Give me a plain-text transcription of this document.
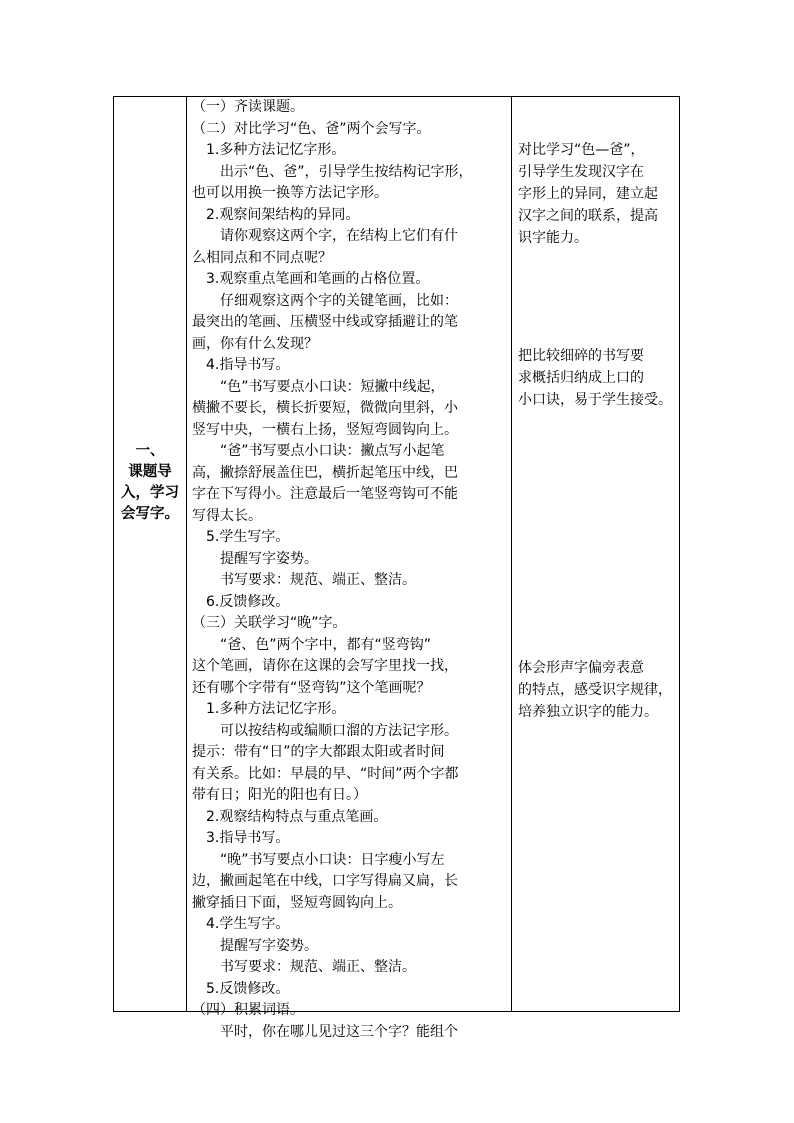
一、
课题导
入，学习
会写字。
（一）齐读课题。
（二）对比学习“色、爸”两个会写字。
　1.多种方法记忆字形。
　　出示“色、爸”，引导学生按结构记字形，
也可以用换一换等方法记字形。
　2.观察间架结构的异同。
　　请你观察这两个字，在结构上它们有什
么相同点和不同点呢？
　3.观察重点笔画和笔画的占格位置。
　　仔细观察这两个字的关键笔画，比如：
最突出的笔画、压横竖中线或穿插避让的笔
画，你有什么发现？
　4.指导书写。
　　“色”书写要点小口诀：短撇中线起，
横撇不要长，横长折要短，微微向里斜，小
竖写中央，一横右上扬，竖短弯圆钩向上。
　　“爸”书写要点小口诀：撇点写小起笔
高，撇捺舒展盖住巴，横折起笔压中线，巴
字在下写得小。注意最后一笔竖弯钩可不能
写得太长。
　5.学生写字。
　　提醒写字姿势。
　　书写要求：规范、端正、整洁。
　6.反馈修改。
（三）关联学习“晚”字。
　　“爸、色”两个字中，都有“竖弯钩”
这个笔画，请你在这课的会写字里找一找，
还有哪个字带有“竖弯钩”这个笔画呢？
　1.多种方法记忆字形。
　　可以按结构或编顺口溜的方法记字形。
提示：带有“日”的字大都跟太阳或者时间
有关系。比如：早晨的早、“时间”两个字都
带有日；阳光的阳也有日。）
　2.观察结构特点与重点笔画。
　3.指导书写。
　　“晚”书写要点小口诀：日字瘦小写左
边，撇画起笔在中线，口字写得扁又扁，长
撇穿插日下面，竖短弯圆钩向上。
　4.学生写字。
　　提醒写字姿势。
　　书写要求：规范、端正、整洁。
　5.反馈修改。
（四）积累词语。
　　平时，你在哪儿见过这三个字？能组个
对比学习“色—爸”，
引导学生发现汉字在
字形上的异同，建立起
汉字之间的联系，提高
识字能力。
把比较细碎的书写要
求概括归纳成上口的
小口诀，易于学生接受。
体会形声字偏旁表意
的特点，感受识字规律，
培养独立识字的能力。
